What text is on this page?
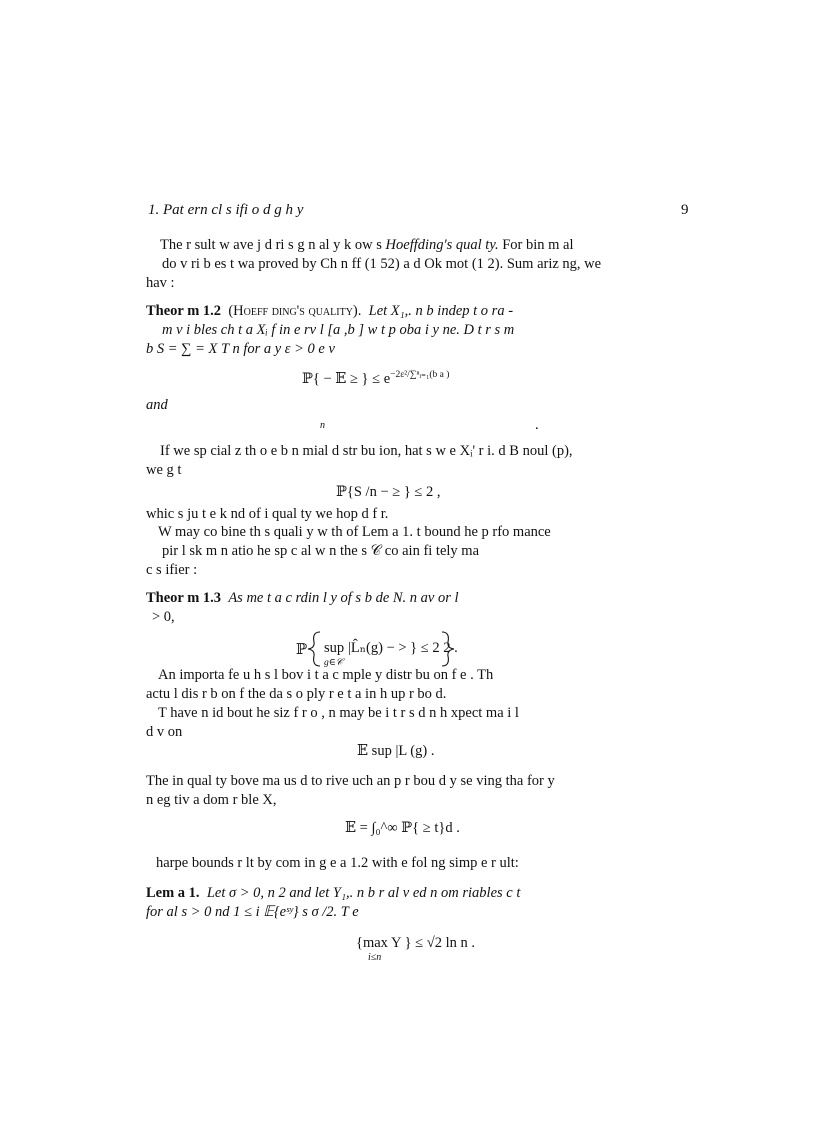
1. Pat ern cl s ifi o d g h y	9
The r sult w ave j d ri s g n al y k ow s Hoeffding's qual ty. For bin m al
do v ri b es t wa proved by Ch n ff (1 52) a d Ok mot (1 2). Sum ariz ng, we
hav :
Theor m 1.2 (Hoeff ding's quality). Let X₁,. n b indep t o ra -
m v i bles ch t a Xᵢ f in e rv l [a ,b ] w t p oba i y ne. D t r s m
b S = ∑ = X T n for a y ε > 0 e v
ℙ{ − 𝔼 ≥ } ≤ $e^{-2\varepsilon^2/\sum^nᵢ_{=1}(b a )}$
and
n	.
If we sp cial z th o e b n mial d str bu ion, hat s w e Xᵢ' r i. d B noul (p),
we g t
ℙ{S /n − ≥ } ≤ 2 ,
whic s ju t e k nd of i qual ty we hop d f r.
W may co bine th s quali y w th of Lem a 1. t bound he p rfo mance
pir l sk m n atio he sp c al w n the s 𝒞 co ain fi tely ma
c s ifier :
Theor m 1.3 As me t a c rdin l y of s b de N. n av or l
> 0,
ℙ sup
g∈𝒞
|L̂ₙ(g) − > } ≤ 2 2 .
An importa fe u h s l bov i t a c mple y distr bu on f e . Th
actu l dis r b on f the da s o ply r e t a in h up r bo d.
T have n id bout he siz f r o , n may be i t r s d n h xpect ma i l
d v on
𝔼 sup |L (g) .
The in qual ty bove ma us d to rive uch an p r bou d y se ving tha for y
n eg tiv a dom r ble X,
𝔼 = ∫₀^∞ ℙ{ ≥ t}d .
harpe bounds r lt by com in g e a 1.2 with e fol ng simp e r ult:
Lem a 1. Let σ > 0, n 2 and let Y₁,. n b r al v ed n om riables c t
for al s > 0 nd 1 ≤ i 𝔼{eˢʸ} s σ /2. T e
{max Y } ≤ √2 ln n .
i≤n
